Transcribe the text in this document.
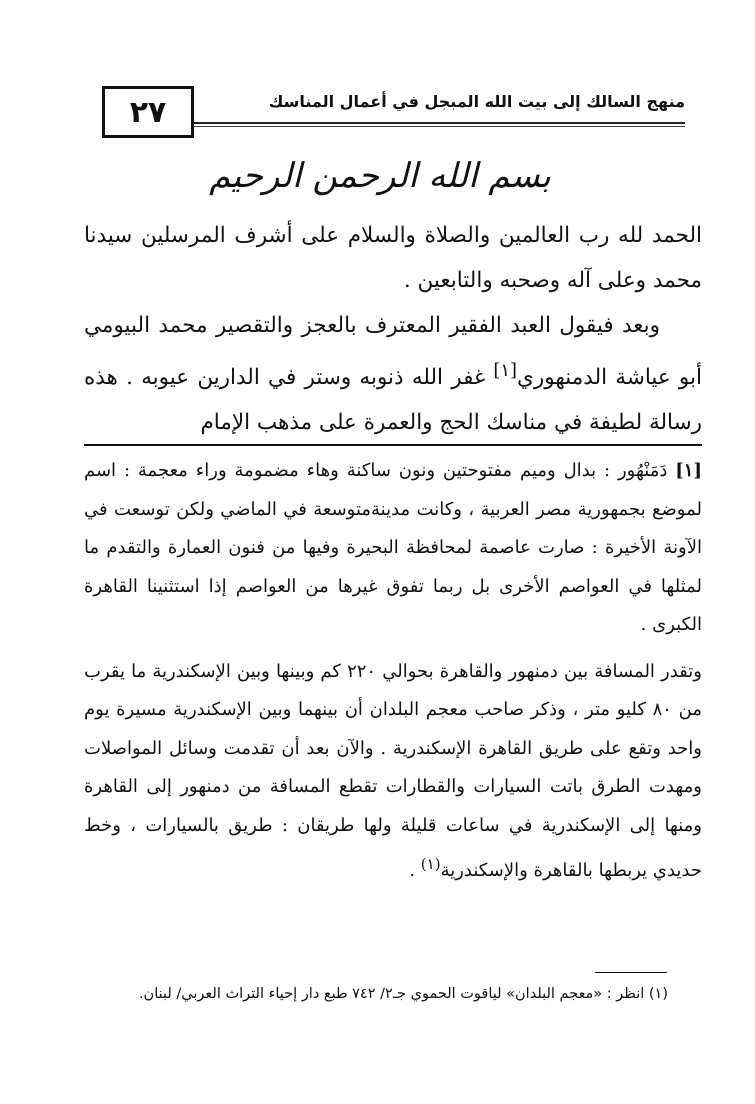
٢٧	منهج السالك إلى بيت الله المبجل في أعمال المناسك
بسم الله الرحمن الرحيم

الحمد لله رب العالمين والصلاة والسلام على أشرف المرسلين سيدنا محمد وعلى آله وصحبه والتابعين .

وبعد فيقول العبد الفقير المعترف بالعجز والتقصير محمد البيومي أبو عياشة الدمنهوري[١] غفر الله ذنوبه وستر في الدارين عيوبه . هذه رسالة لطيفة في مناسك الحج والعمرة على مذهب الإمام

[١] دَمَنْهُور : بدال وميم مفتوحتين ونون ساكنة وهاء مضمومة وراء معجمة : اسم لموضع بجمهورية مصر العربية ، وكانت مدينةمتوسعة في الماضي ولكن توسعت في الآونة الأخيرة : صارت عاصمة لمحافظة البحيرة وفيها من فنون العمارة والتقدم ما لمثلها في العواصم الأخرى بل ربما تفوق غيرها من العواصم إذا استثنينا القاهرة الكبرى .

وتقدر المسافة بين دمنهور والقاهرة بحوالي ٢٢٠ كم وبينها وبين الإسكندرية ما يقرب من ٨٠ كليو متر ، وذكر صاحب معجم البلدان أن بينهما وبين الإسكندرية مسيرة يوم واحد وتقع على طريق القاهرة الإسكندرية . والآن بعد أن تقدمت وسائل المواصلات ومهدت الطرق باتت السيارات والقطارات تقطع المسافة من دمنهور إلى القاهرة ومنها إلى الإسكندرية في ساعات قليلة ولها طريقان : طريق بالسيارات ، وخط حديدي يربطها بالقاهرة والإسكندرية$^{(١)}$ .

(١) انظر : «معجم البلدان» لياقوت الحموي جـ٢/ ٧٤٢ طبع دار إحياء التراث العربي/ لبنان.
